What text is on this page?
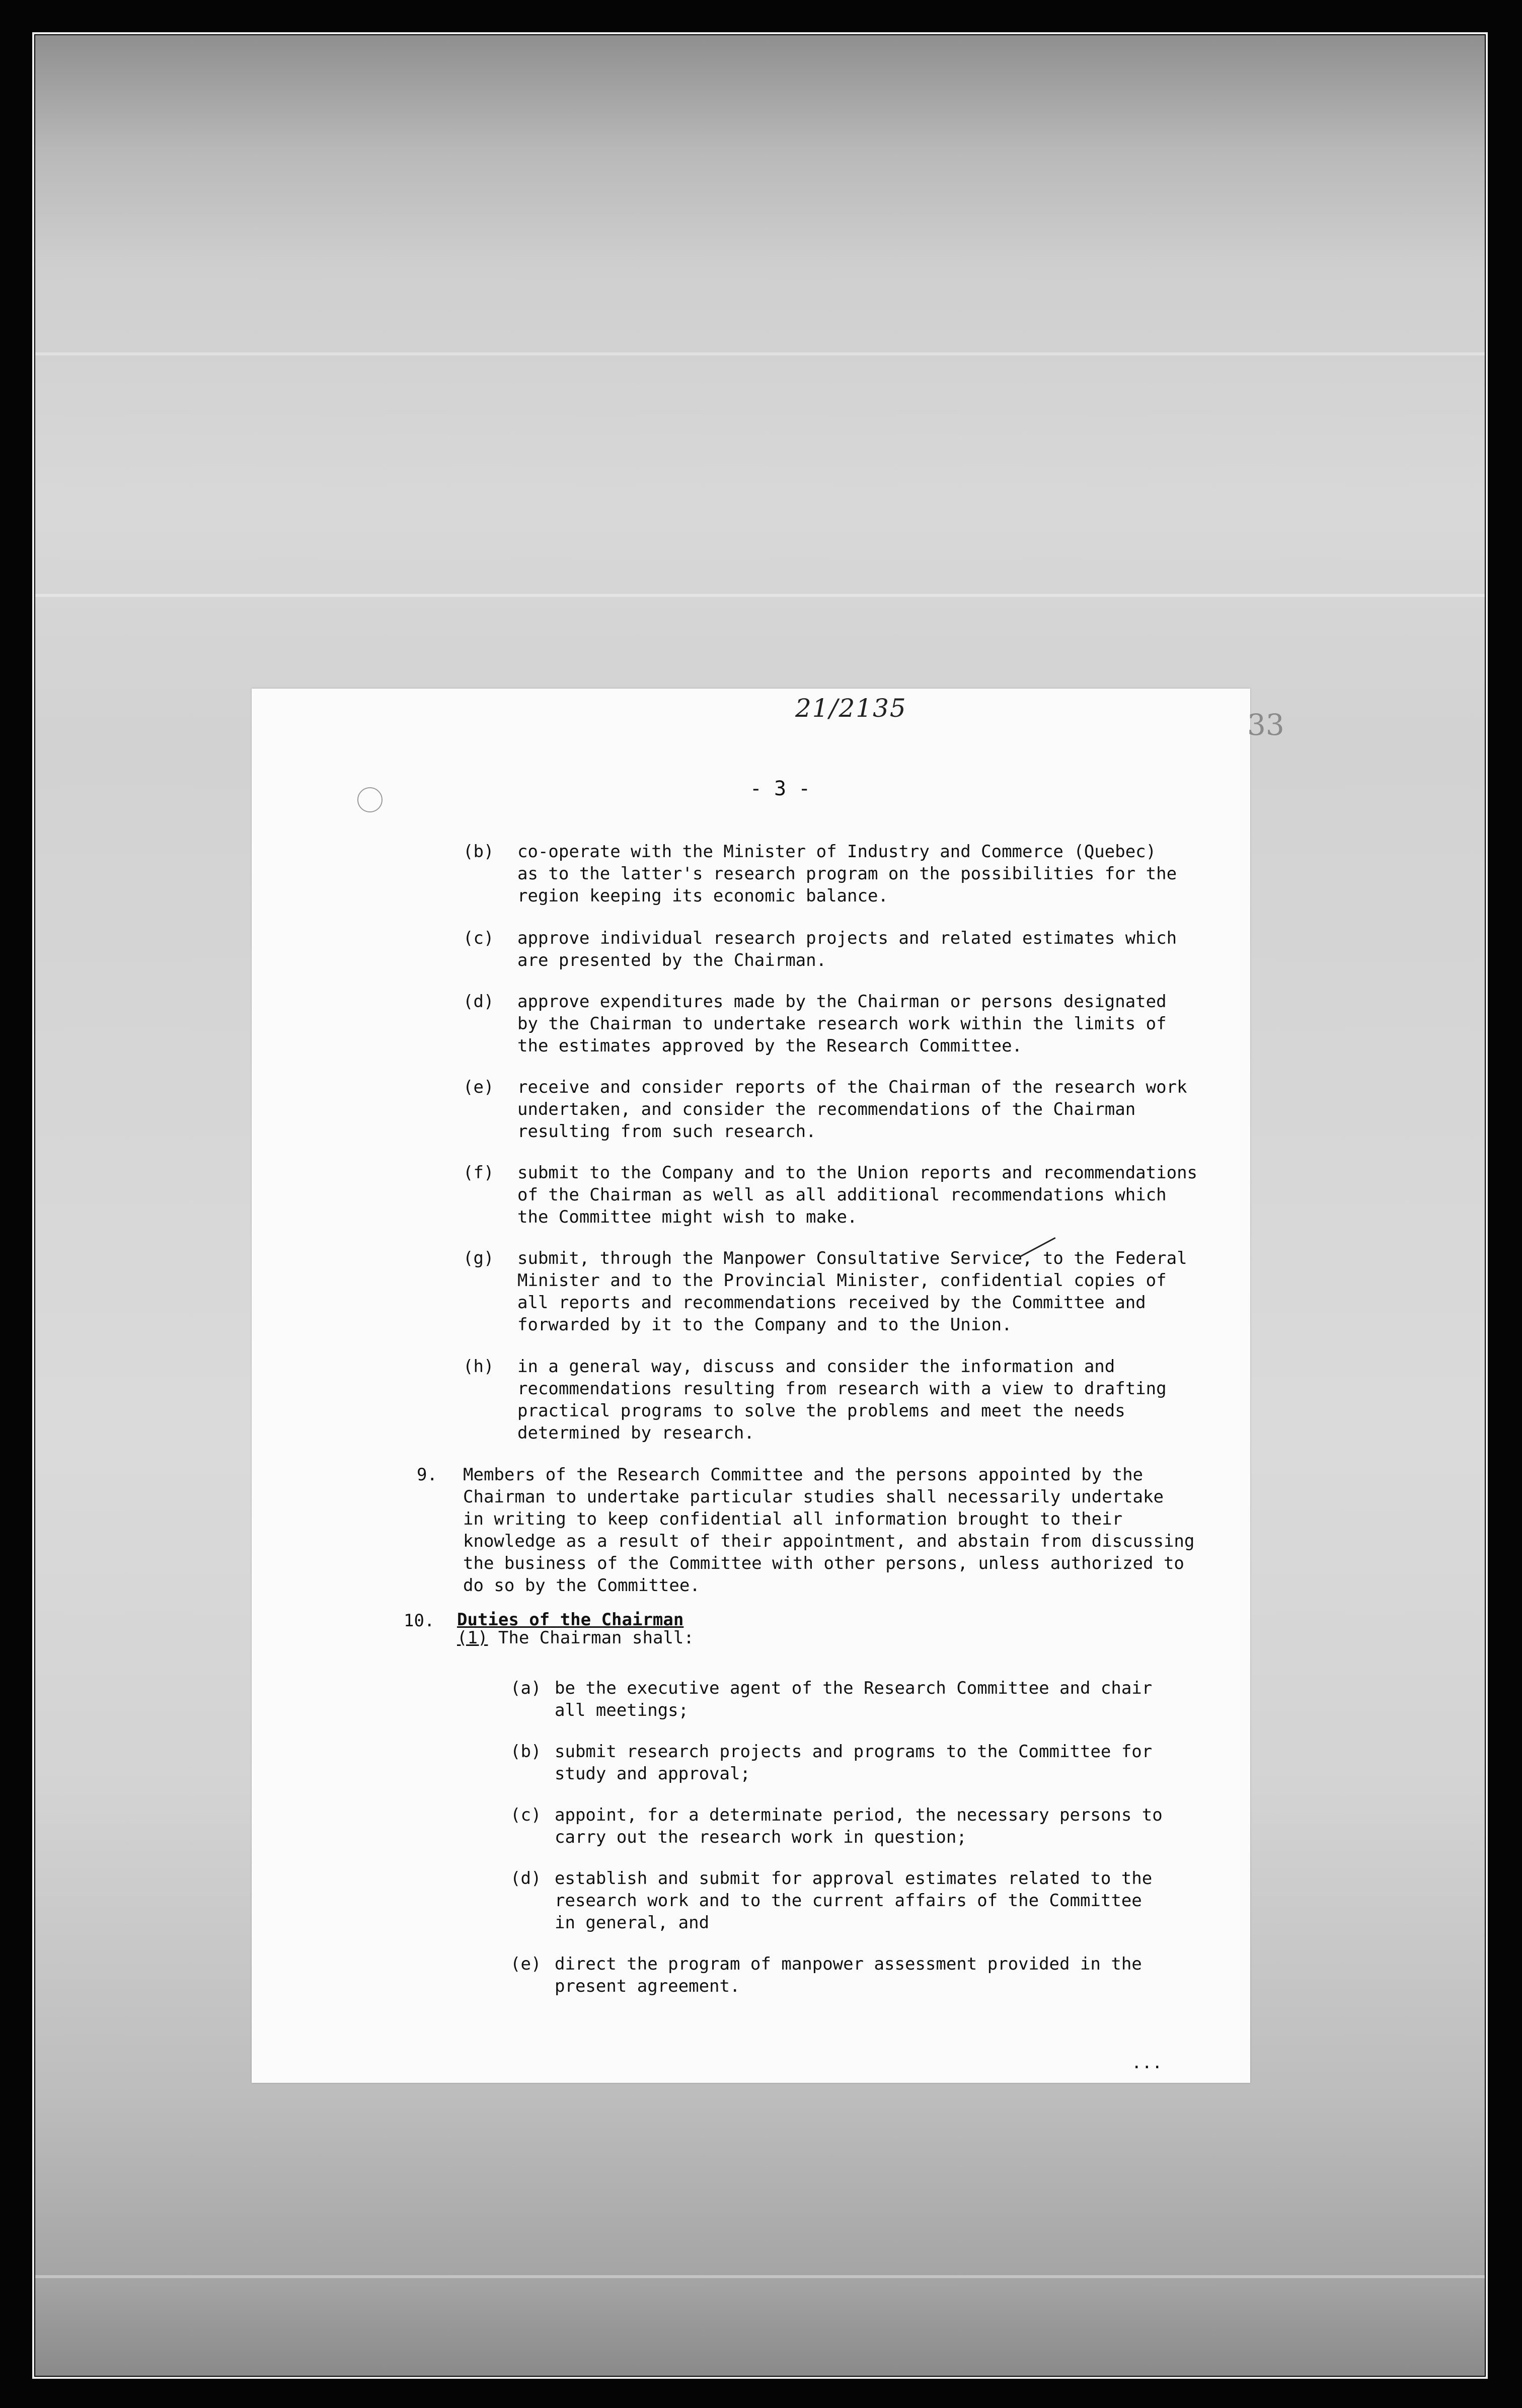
21/2135	33
- 3 -

(b)

co-operate with the Minister of Industry and Commerce (Quebec)
as to the latter's research program on the possibilities for the
region keeping its economic balance.

(c)

approve individual research projects and related estimates which
are presented by the Chairman.

(d)

approve expenditures made by the Chairman or persons designated
by the Chairman to undertake research work within the limits of
the estimates approved by the Research Committee.

(e)

receive and consider reports of the Chairman of the research work
undertaken, and consider the recommendations of the Chairman
resulting from such research.

(f)

submit to the Company and to the Union reports and recommendations
of the Chairman as well as all additional recommendations which
the Committee might wish to make.

(g)

submit, through the Manpower Consultative Service, to the Federal
Minister and to the Provincial Minister, confidential copies of
all reports and recommendations received by the Committee and
forwarded by it to the Company and to the Union.

(h)

in a general way, discuss and consider the information and
recommendations resulting from research with a view to drafting
practical programs to solve the problems and meet the needs
determined by research.

9.

Members of the Research Committee and the persons appointed by the
Chairman to undertake particular studies shall necessarily undertake
in writing to keep confidential all information brought to their
knowledge as a result of their appointment, and abstain from discussing
the business of the Committee with other persons, unless authorized to
do so by the Committee.

10. Duties of the Chairman
(1) The Chairman shall:

(a)

be the executive agent of the Research Committee and chair
all meetings;

(b)

submit research projects and programs to the Committee for
study and approval;

(c)

appoint, for a determinate period, the necessary persons to
carry out the research work in question;

(d)

establish and submit for approval estimates related to the
research work and to the current affairs of the Committee
in general, and

(e)

direct the program of manpower assessment provided in the
present agreement.

...
